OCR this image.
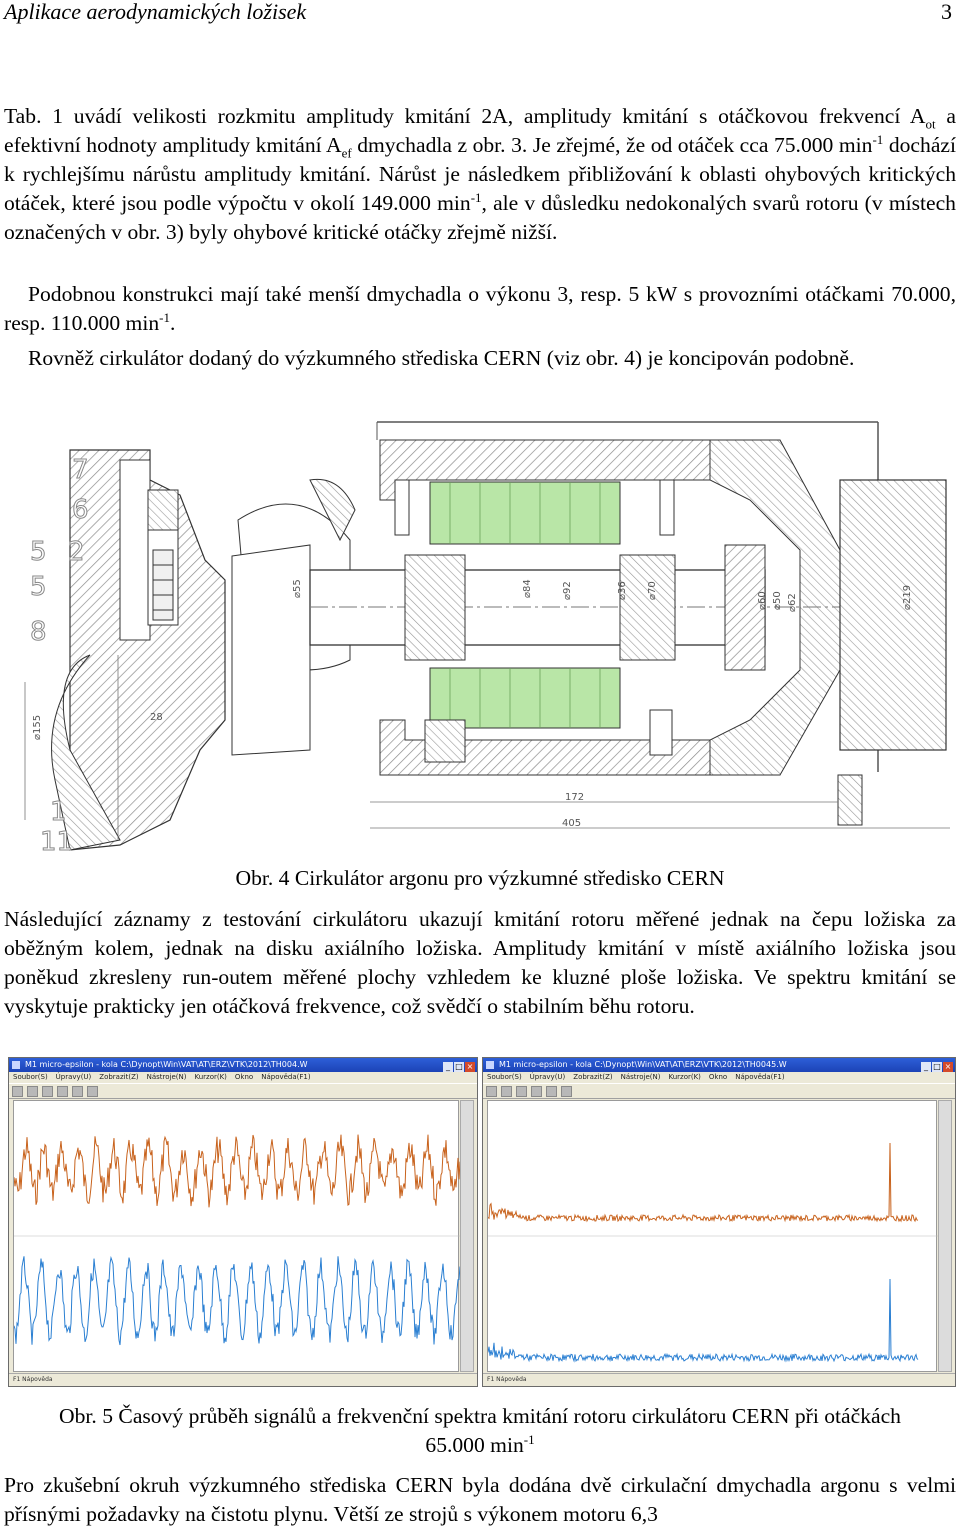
Aplikace aerodynamických ložisek	3

Tab. 1 uvádí velikosti rozkmitu amplitudy kmitání 2A, amplitudy kmitání s otáčkovou frekvencí $A_{ot}$ a efektivní hodnoty amplitudy kmitání $A_{ef}$ dmychadla z obr. 3. Je zřejmé, že od otáček cca 75.000 $\min^{-1}$ dochází k rychlejšímu nárůstu amplitudy kmitání. Nárůst je následkem přibližování k oblasti ohybových kritických otáček, které jsou podle výpočtu v okolí 149.000 $\min^{-1}$, ale v důsledku nedokonalých svarů rotoru (v místech označených v obr. 3) byly ohybové kritické otáčky zřejmě nižší.

Podobnou konstrukci mají také menší dmychadla o výkonu 3, resp. 5 kW s provozními otáčkami 70.000, resp. 110.000 $\min^{-1}$.

Rovněž cirkulátor dodaný do výzkumného střediska CERN (viz obr. 4) je koncipován podobně.

172
405
28
⌀55	⌀84	⌀92	⌀36 ⌀70
⌀60 ⌀50 ⌀62	⌀219
⌀155
7
6
5 2
5
8
1
11

Obr. 4 Cirkulátor argonu pro výzkumné středisko CERN

Následující záznamy z testování cirkulátoru ukazují kmitání rotoru měřené jednak na čepu ložiska za oběžným kolem, jednak na disku axiálního ložiska. Amplitudy kmitání v místě axiálního ložiska jsou poněkud zkresleny run-outem měřené plochy vzhledem ke kluzné ploše ložiska. Ve spektru kmitání se vyskytuje prakticky jen otáčková frekvence, což svědčí o stabilním běhu rotoru.

M1 micro-epsilon - kola C:\Dynopt\Win\VAT\AT\ERZ\VTK\2012\TH004.W	_ □ ×
Soubor(S) Úpravy(U) Zobrazit(Z) Nástroje(N) Kurzor(K) Okno Nápověda(F1)
F1 Nápověda
M1 micro-epsilon - kola C:\Dynopt\Win\VAT\AT\ERZ\VTK\2012\TH0045.W	_ □ ×
Soubor(S) Úpravy(U) Zobrazit(Z) Nástroje(N) Kurzor(K) Okno Nápověda(F1)
F1 Nápověda

Obr. 5 Časový průběh signálů a frekvenční spektra kmitání rotoru cirkulátoru CERN při otáčkách 65.000 $\min^{-1}$

Pro zkušební okruh výzkumného střediska CERN byla dodána dvě cirkulační dmychadla argonu s velmi přísnými požadavky na čistotu plynu. Větší ze strojů s výkonem motoru 6,3
